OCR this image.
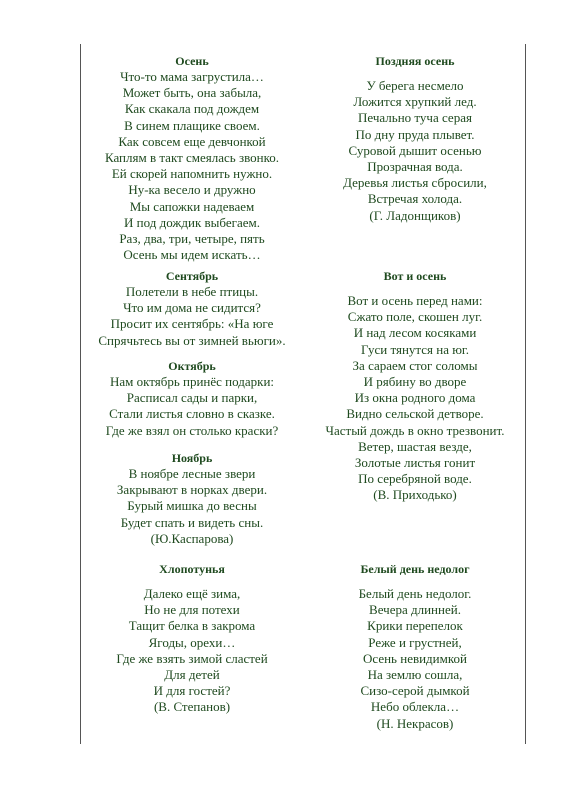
Осень

Что-то мама загрустила…
Может быть, она забыла,
Как скакала под дождем
В синем плащике своем.
Как совсем еще девчонкой
Каплям в такт смеялась звонко.
Ей скорей напомнить нужно.
Ну-ка весело и дружно
Мы сапожки надеваем
И под дождик выбегаем.
Раз, два, три, четыре, пять
Осень мы идем искать…

Сентябрь

Полетели в небе птицы.
Что им дома не сидится?
Просит их сентябрь: «На юге
Спрячьтесь вы от зимней вьюги».

Октябрь

Нам октябрь принёс подарки:
Расписал сады и парки,
Стали листья словно в сказке.
Где же взял он столько краски?

Ноябрь

В ноябре лесные звери
Закрывают в норках двери.
Бурый мишка до весны
Будет спать и видеть сны.
(Ю.Каспарова)

Хлопотунья

Далеко ещё зима,
Но не для потехи
Тащит белка в закрома
Ягоды, орехи…
Где же взять зимой сластей
Для детей
И для гостей?
(В. Степанов)

Поздняя осень

У берега несмело
Ложится хрупкий лед.
Печально туча серая
По дну пруда плывет.
Суровой дышит осенью
Прозрачная вода.
Деревья листья сбросили,
Встречая холода.
(Г. Ладонщиков)

Вот и осень

Вот и осень перед нами:
Сжато поле, скошен луг.
И над лесом косяками
Гуси тянутся на юг.
За сараем стог соломы
И рябину во дворе
Из окна родного дома
Видно сельской детворе.
Частый дождь в окно трезвонит.
Ветер, шастая везде,
Золотые листья гонит
По серебряной воде.
(В. Приходько)

Белый день недолог

Белый день недолог.
Вечера длинней.
Крики перепелок
Реже и грустней,
Осень невидимкой
На землю сошла,
Сизо-серой дымкой
Небо облекла…
(Н. Некрасов)
